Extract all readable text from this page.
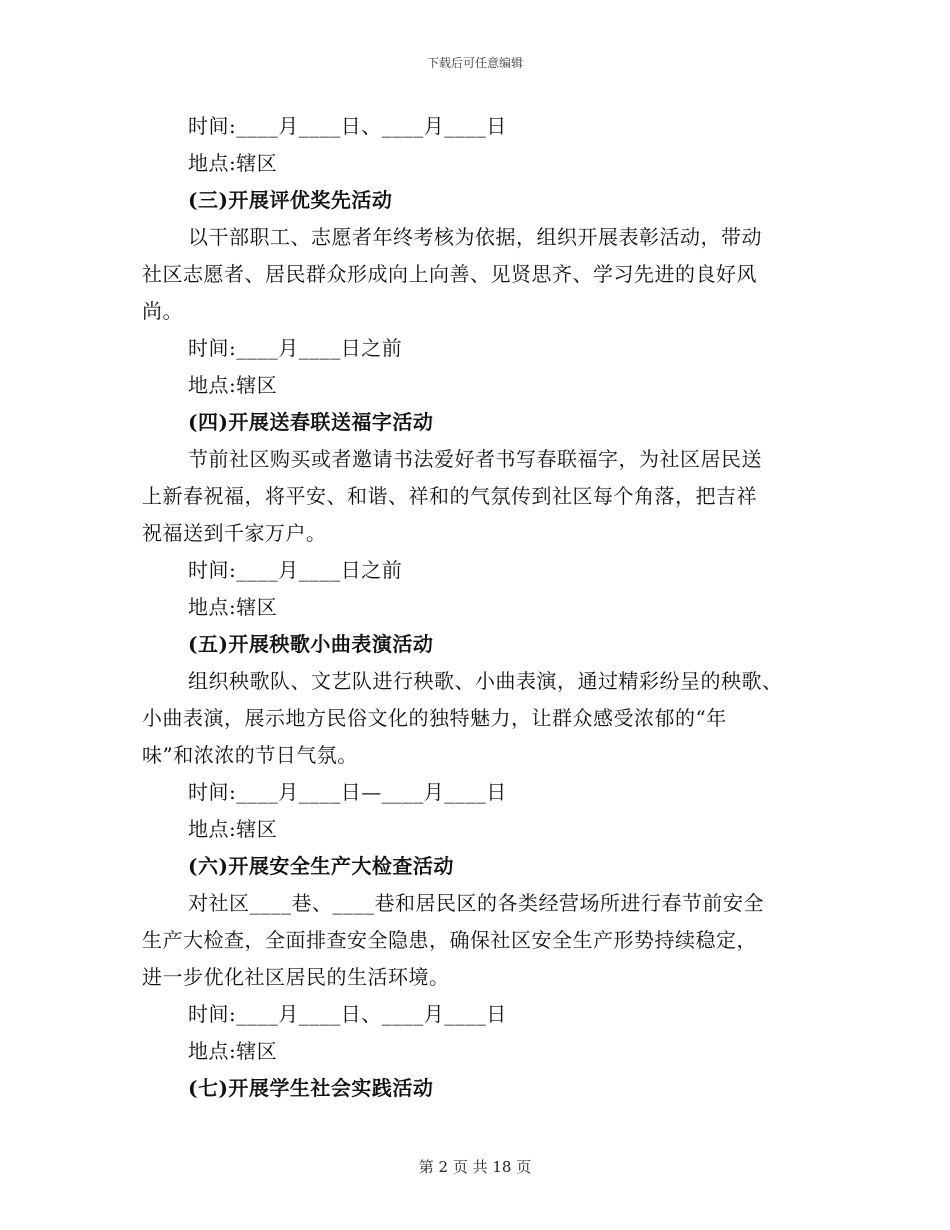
下载后可任意编辑
时间:____月____日、____月____日
地点:辖区
(三)开展评优奖先活动
以干部职工、志愿者年终考核为依据，组织开展表彰活动，带动
社区志愿者、居民群众形成向上向善、见贤思齐、学习先进的良好风
尚。
时间:____月____日之前
地点:辖区
(四)开展送春联送福字活动
节前社区购买或者邀请书法爱好者书写春联福字，为社区居民送
上新春祝福，将平安、和谐、祥和的气氛传到社区每个角落，把吉祥
祝福送到千家万户。
时间:____月____日之前
地点:辖区
(五)开展秧歌小曲表演活动
组织秧歌队、文艺队进行秧歌、小曲表演，通过精彩纷呈的秧歌、
小曲表演，展示地方民俗文化的独特魅力，让群众感受浓郁的“年
味”和浓浓的节日气氛。
时间:____月____日—____月____日
地点:辖区
(六)开展安全生产大检查活动
对社区____巷、____巷和居民区的各类经营场所进行春节前安全
生产大检查，全面排查安全隐患，确保社区安全生产形势持续稳定，
进一步优化社区居民的生活环境。
时间:____月____日、____月____日
地点:辖区
(七)开展学生社会实践活动
第 2 页 共 18 页
